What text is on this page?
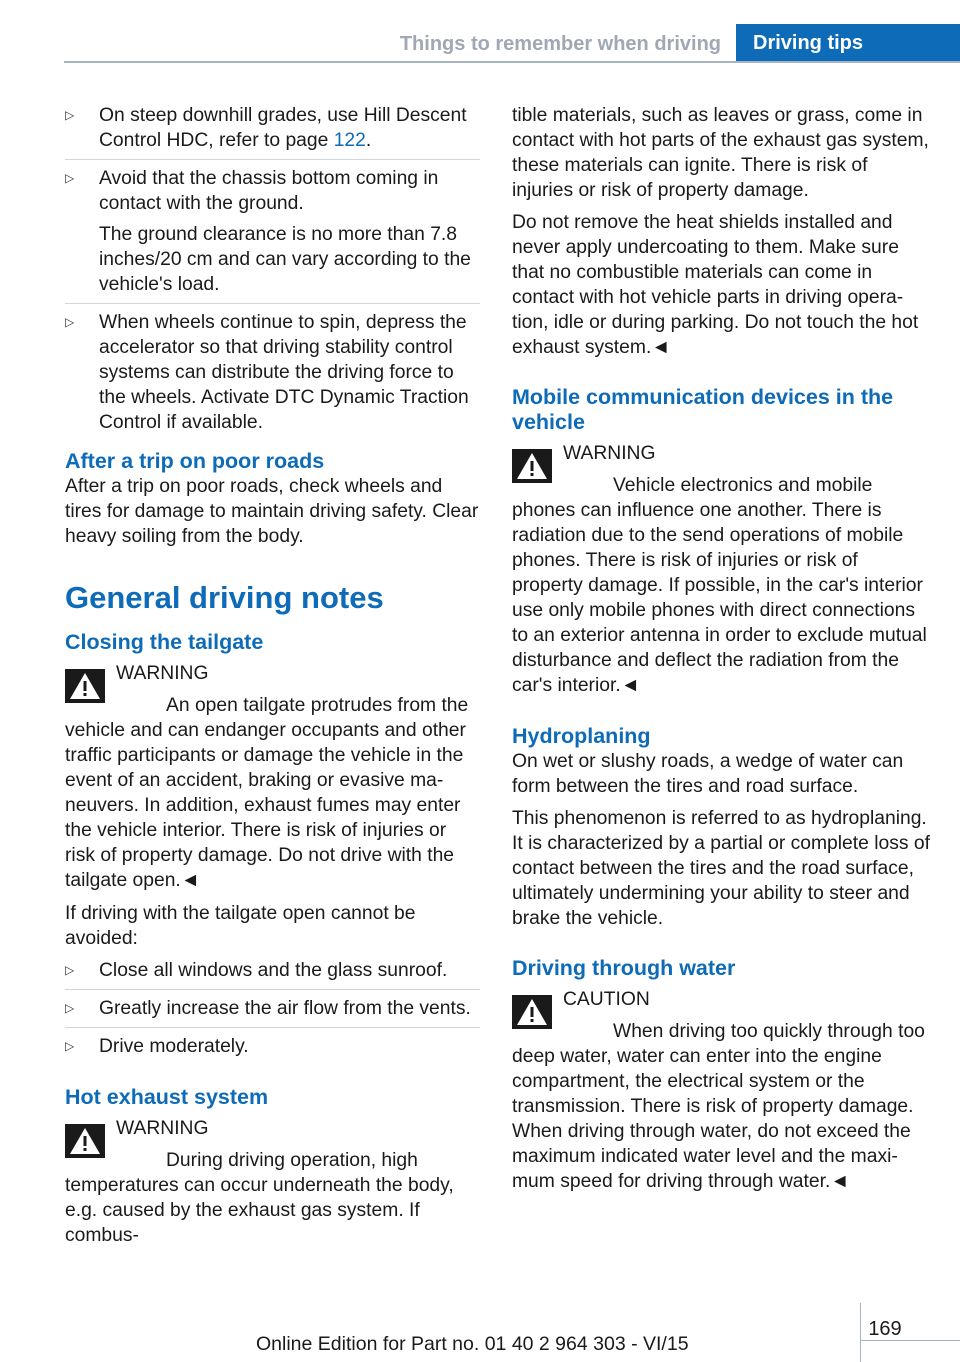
Things to remember when driving	Driving tips
▷ On steep downhill grades, use Hill Descent Control HDC, refer to page 122.

▷ Avoid that the chassis bottom coming in contact with the ground.

The ground clearance is no more than 7.8 inches/20 cm and can vary according to the vehicle's load.

▷ When wheels continue to spin, depress the accelerator so that driving stability control systems can distribute the driving force to the wheels. Activate DTC Dynamic Traction Control if available.

After a trip on poor roads

After a trip on poor roads, check wheels and tires for damage to maintain driving safety. Clear heavy soiling from the body.

General driving notes
Closing the tailgate
WARNING

An open tailgate protrudes from the vehicle and can endanger occupants and other traffic participants or damage the vehicle in the event of an accident, braking or evasive maneuvers. In addition, exhaust fumes may enter the vehicle interior. There is risk of injuries or risk of property damage. Do not drive with the tailgate open.◄

If driving with the tailgate open cannot be avoided:

▷ Close all windows and the glass sunroof.
▷ Greatly increase the air flow from the vents.
▷ Drive moderately.
Hot exhaust system
WARNING

During driving operation, high temperatures can occur underneath the body, e.g. caused by the exhaust gas system. If combus-

tible materials, such as leaves or grass, come in contact with hot parts of the exhaust gas system, these materials can ignite. There is risk of injuries or risk of property damage.

Do not remove the heat shields installed and never apply undercoating to them. Make sure that no combustible materials can come in contact with hot vehicle parts in driving operation, idle or during parking. Do not touch the hot exhaust system.◄

Mobile communication devices in the vehicle
WARNING

Vehicle electronics and mobile phones can influence one another. There is radiation due to the send operations of mobile phones. There is risk of injuries or risk of property damage. If possible, in the car's interior use only mobile phones with direct connections to an exterior antenna in order to exclude mutual disturbance and deflect the radiation from the car's interior.◄

Hydroplaning

On wet or slushy roads, a wedge of water can form between the tires and road surface.

This phenomenon is referred to as hydroplaning. It is characterized by a partial or complete loss of contact between the tires and the road surface, ultimately undermining your ability to steer and brake the vehicle.

Driving through water
CAUTION

When driving too quickly through too deep water, water can enter into the engine compartment, the electrical system or the transmission. There is risk of property damage. When driving through water, do not exceed the maximum indicated water level and the maximum speed for driving through water.◄

169
Online Edition for Part no. 01 40 2 964 303 - VI/15
